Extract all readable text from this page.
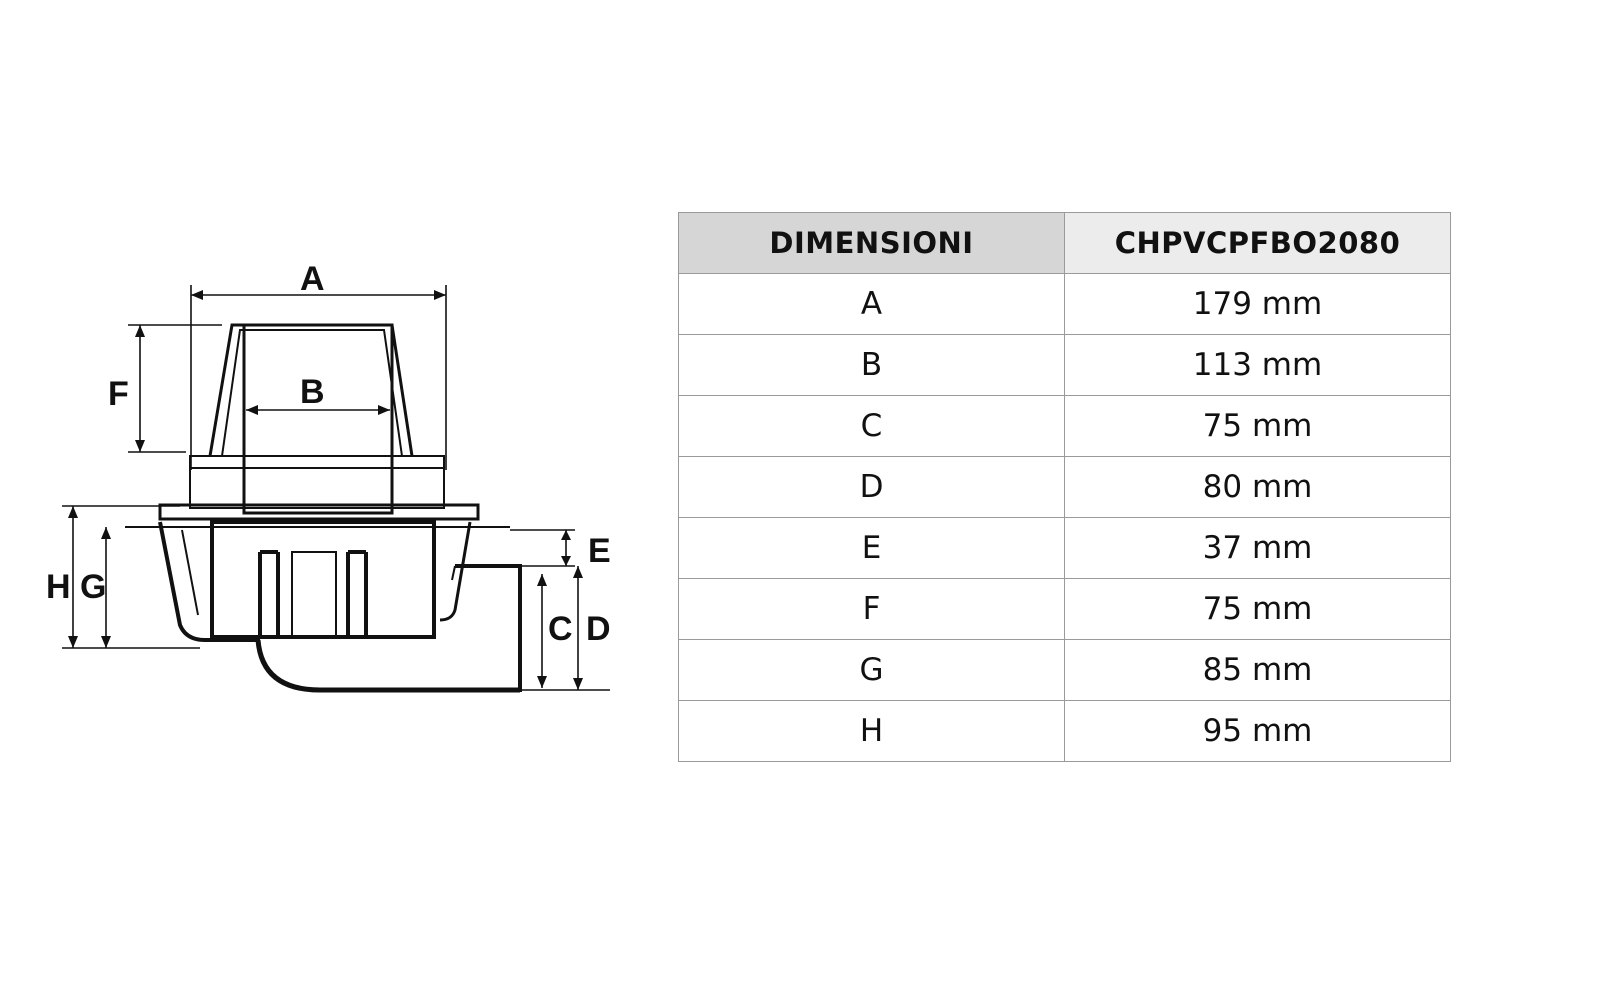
A
B
F
H G
E
C D
DIMENSIONI	CHPVCPFBO2080
A	179 mm
B	113 mm
C	75 mm
D	80 mm
E	37 mm
F	75 mm
G	85 mm
H	95 mm
